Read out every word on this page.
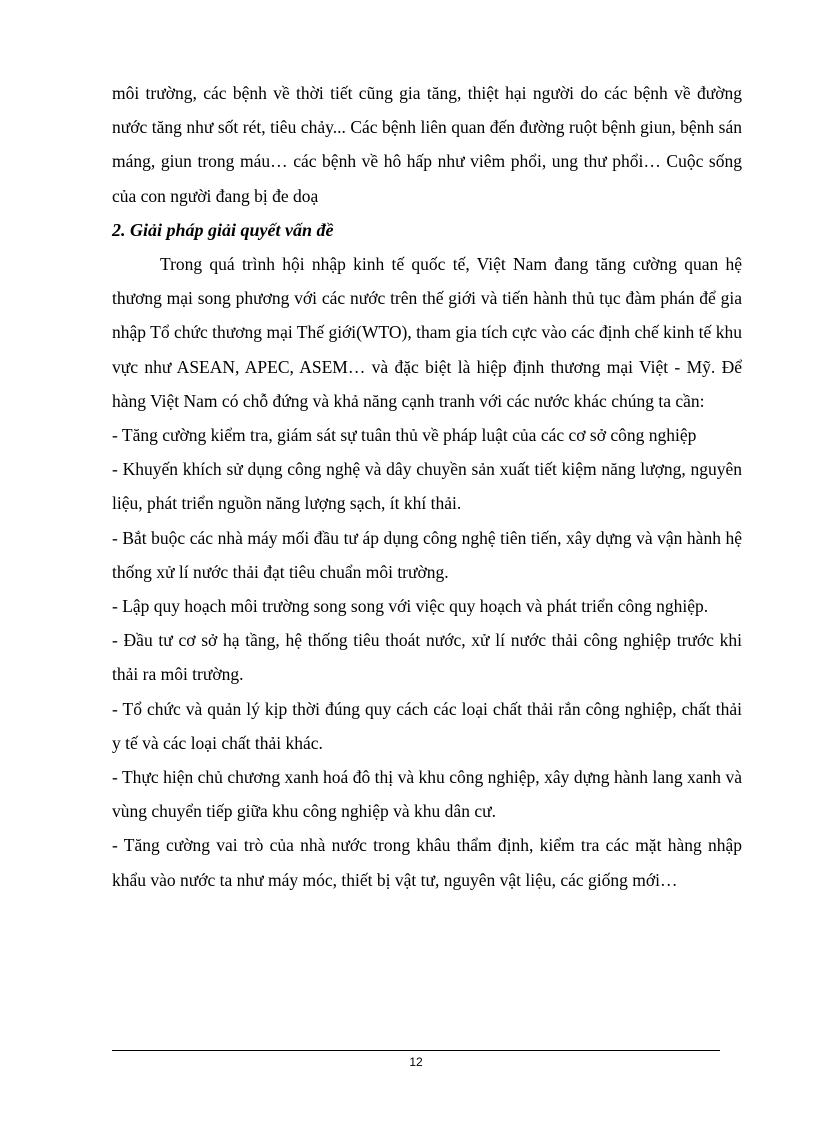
môi trường, các bệnh về thời tiết cũng gia tăng, thiệt hại người do các bệnh về đường nước tăng như sốt rét, tiêu chảy... Các bệnh liên quan đến đường ruột bệnh giun, bệnh sán máng, giun trong máu… các bệnh về hô hấp như viêm phổi, ung thư phổi… Cuộc sống của con người đang bị đe doạ

2. Giải pháp giải quyết vấn đề

Trong quá trình hội nhập kinh tế quốc tế, Việt Nam đang tăng cường quan hệ thương mại song phương với các nước trên thế giới và tiến hành thủ tục đàm phán để gia nhập Tổ chức thương mại Thế giới(WTO), tham gia tích cực vào các định chế kinh tế khu vực như ASEAN, APEC, ASEM… và đặc biệt là hiệp định thương mại Việt - Mỹ. Để hàng Việt Nam có chỗ đứng và khả năng cạnh tranh với các nước khác chúng ta cần:

- Tăng cường kiểm tra, giám sát sự tuân thủ về pháp luật của các cơ sở công nghiệp

- Khuyến khích sử dụng công nghệ và dây chuyền sản xuất tiết kiệm năng lượng, nguyên liệu, phát triển nguồn năng lượng sạch, ít khí thải.

- Bắt buộc các nhà máy mối đầu tư áp dụng công nghệ tiên tiến, xây dựng và vận hành hệ thống xử lí nước thải đạt tiêu chuẩn môi trường.

- Lập quy hoạch môi trường song song với việc quy hoạch và phát triển công nghiệp.

- Đầu tư cơ sở hạ tầng, hệ thống tiêu thoát nước, xử lí nước thải công nghiệp trước khi thải ra môi trường.

- Tổ chức và quản lý kịp thời đúng quy cách các loại chất thải rắn công nghiệp, chất thải y tế và các loại chất thải khác.

- Thực hiện chủ chương xanh hoá đô thị và khu công nghiệp, xây dựng hành lang xanh và vùng chuyển tiếp giữa khu công nghiệp và khu dân cư.

- Tăng cường vai trò của nhà nước trong khâu thẩm định, kiểm tra các mặt hàng nhập khẩu vào nước ta như máy móc, thiết bị vật tư, nguyên vật liệu, các giống mới…

12
